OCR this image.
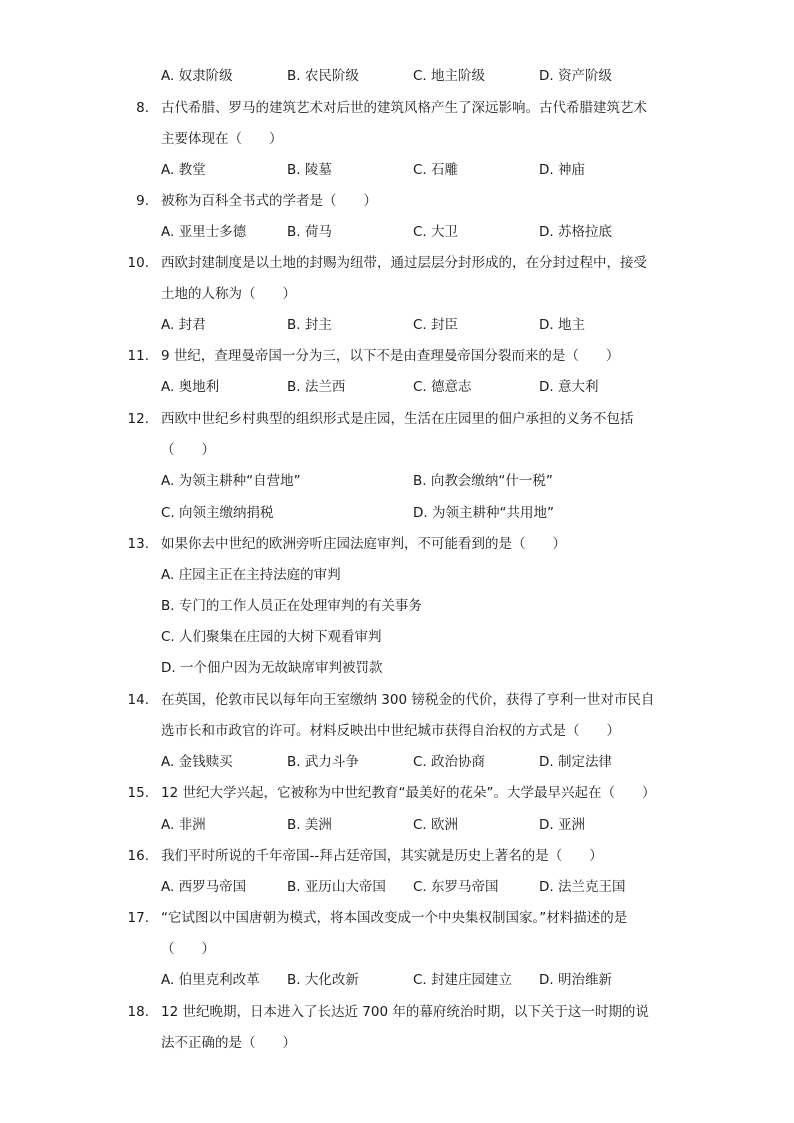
A. 奴隶阶级	B. 农民阶级	C. 地主阶级	D. 资产阶级
8. 古代希腊、罗马的建筑艺术对后世的建筑风格产生了深远影响。古代希腊建筑艺术
主要体现在（　　）
A. 教堂	B. 陵墓	C. 石雕	D. 神庙
9. 被称为百科全书式的学者是（　　）
A. 亚里士多德	B. 荷马	C. 大卫	D. 苏格拉底
10. 西欧封建制度是以土地的封赐为纽带，通过层层分封形成的，在分封过程中，接受
土地的人称为（　　）
A. 封君	B. 封主	C. 封臣	D. 地主
11. 9 世纪，查理曼帝国一分为三，以下不是由查理曼帝国分裂而来的是（　　）
A. 奥地利	B. 法兰西	C. 德意志	D. 意大利
12. 西欧中世纪乡村典型的组织形式是庄园，生活在庄园里的佃户承担的义务不包括
（　　）
A. 为领主耕种“自营地”	B. 向教会缴纳“什一税”
C. 向领主缴纳捐税	D. 为领主耕种“共用地”
13. 如果你去中世纪的欧洲旁听庄园法庭审判，不可能看到的是（　　）
A. 庄园主正在主持法庭的审判
B. 专门的工作人员正在处理审判的有关事务
C. 人们聚集在庄园的大树下观看审判
D. 一个佃户因为无故缺席审判被罚款
14. 在英国，伦敦市民以每年向王室缴纳 300 镑税金的代价，获得了亨利一世对市民自
选市长和市政官的许可。材料反映出中世纪城市获得自治权的方式是（　　）
A. 金钱赎买	B. 武力斗争	C. 政治协商	D. 制定法律
15. 12 世纪大学兴起，它被称为中世纪教育“最美好的花朵”。大学最早兴起在（　　）
A. 非洲	B. 美洲	C. 欧洲	D. 亚洲
16. 我们平时所说的千年帝国--拜占廷帝国，其实就是历史上著名的是（　　）
A. 西罗马帝国	B. 亚历山大帝国 C. 东罗马帝国	D. 法兰克王国
17. “它试图以中国唐朝为模式，将本国改变成一个中央集权制国家。”材料描述的是
（　　）
A. 伯里克利改革 B. 大化改新	C. 封建庄园建立 D. 明治维新
18. 12 世纪晚期，日本进入了长达近 700 年的幕府统治时期，以下关于这一时期的说
法不正确的是（　　）
